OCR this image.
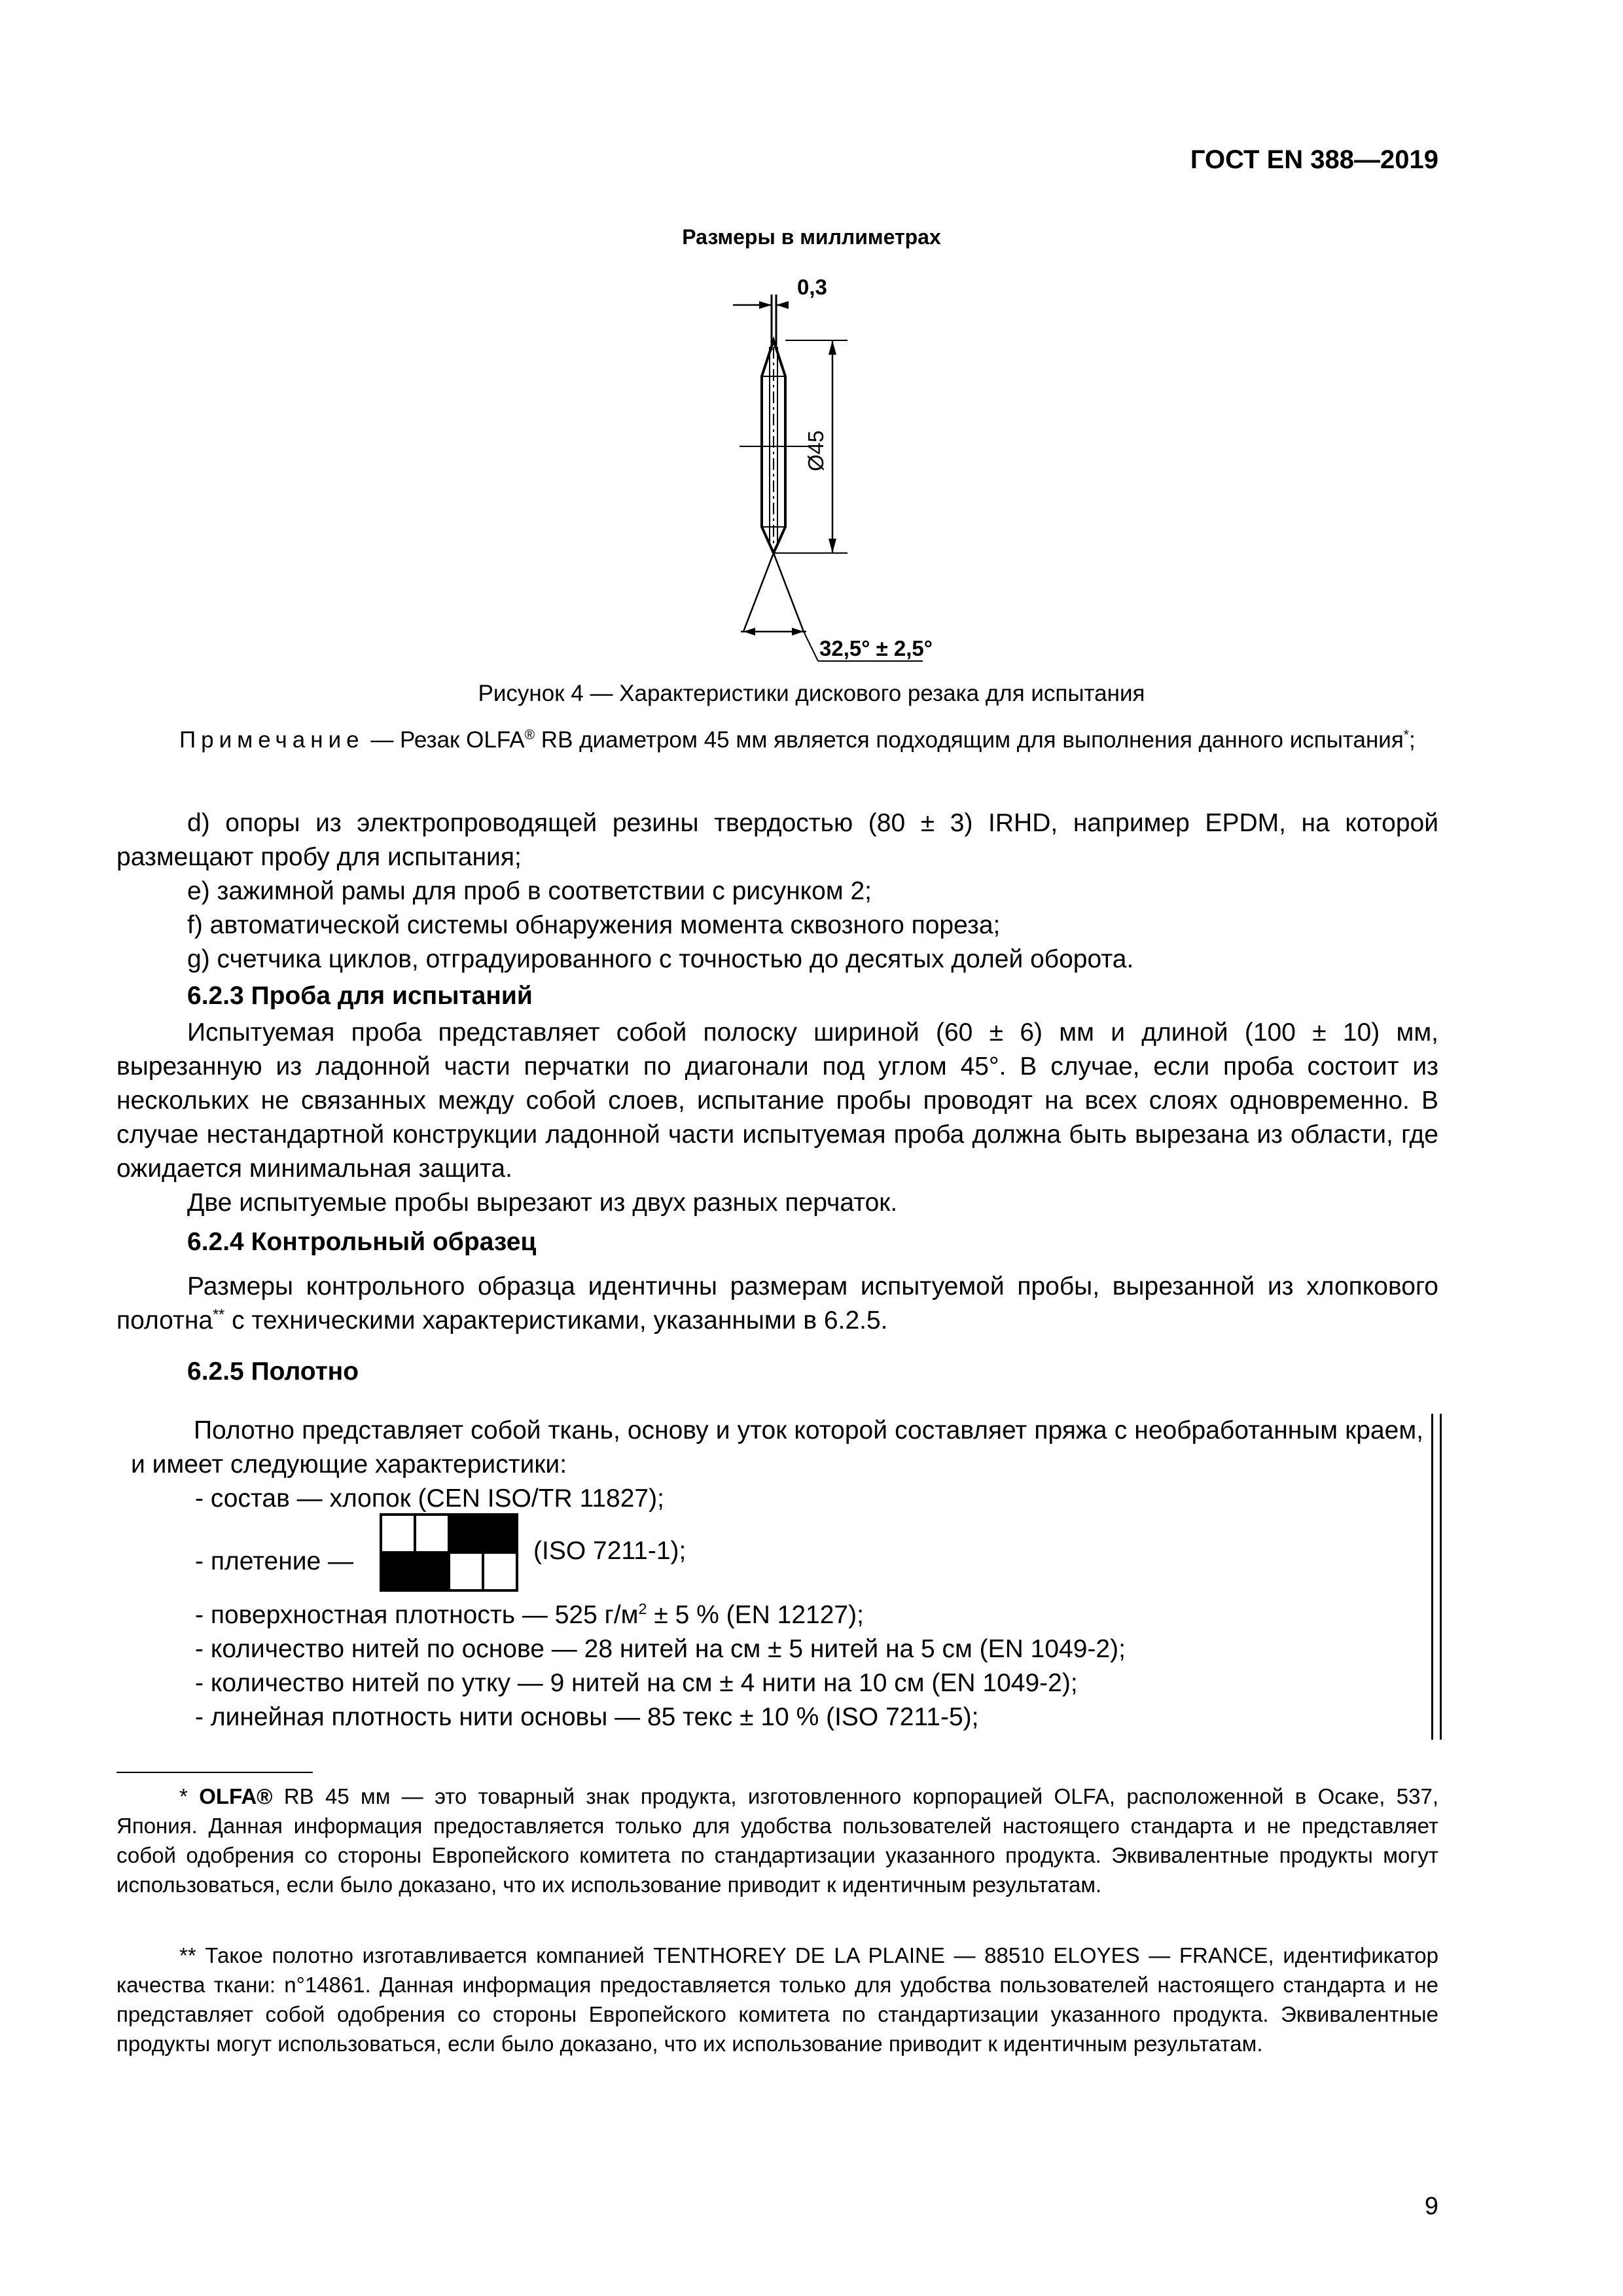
ГОСТ EN 388—2019
Размеры в миллиметрах
0,3
Ø45
32,5° ± 2,5°
Рисунок 4 — Характеристики дискового резака для испытания
Примечание — Резак OLFA® RB диаметром 45 мм является подходящим для выполнения данного испытания*;
d) опоры из электропроводящей резины твердостью (80 ± 3) IRHD, например EPDM, на которой размещают пробу для испытания;
e) зажимной рамы для проб в соответствии с рисунком 2;
f) автоматической системы обнаружения момента сквозного пореза;
g) счетчика циклов, отградуированного с точностью до десятых долей оборота.
6.2.3 Проба для испытаний
Испытуемая проба представляет собой полоску шириной (60 ± 6) мм и длиной (100 ± 10) мм, вырезанную из ладонной части перчатки по диагонали под углом 45°. В случае, если проба состоит из нескольких не связанных между собой слоев, испытание пробы проводят на всех слоях одновременно. В случае нестандартной конструкции ладонной части испытуемая проба должна быть вырезана из области, где ожидается минимальная защита.
Две испытуемые пробы вырезают из двух разных перчаток.
6.2.4 Контрольный образец
Размеры контрольного образца идентичны размерам испытуемой пробы, вырезанной из хлопкового полотна** с техническими характеристиками, указанными в 6.2.5.
6.2.5 Полотно
Полотно представляет собой ткань, основу и уток которой составляет пряжа с необработанным краем, и имеет следующие характеристики:
- состав — хлопок (CEN ISO/TR 11827);
- плетение —	(ISO 7211-1);
- поверхностная плотность — 525 $г/м^2 \pm 5$ % (EN 12127);
- количество нитей по основе — 28 нитей на см ± 5 нитей на 5 см (EN 1049-2);
- количество нитей по утку — 9 нитей на см ± 4 нити на 10 см (EN 1049-2);
- линейная плотность нити основы — 85 текс ± 10 % (ISO 7211-5);
* OLFA® RB 45 мм — это товарный знак продукта, изготовленного корпорацией OLFA, расположенной в Осаке, 537, Япония. Данная информация предоставляется только для удобства пользователей настоящего стандарта и не представляет собой одобрения со стороны Европейского комитета по стандартизации указанного продукта. Эквивалентные продукты могут использоваться, если было доказано, что их использование приводит к идентичным результатам.
** Такое полотно изготавливается компанией TENTHOREY DE LA PLAINE — 88510 ELOYES — FRANCE, идентификатор качества ткани: n°14861. Данная информация предоставляется только для удобства пользователей настоящего стандарта и не представляет собой одобрения со стороны Европейского комитета по стандартизации указанного продукта. Эквивалентные продукты могут использоваться, если было доказано, что их использование приводит к идентичным результатам.
9
